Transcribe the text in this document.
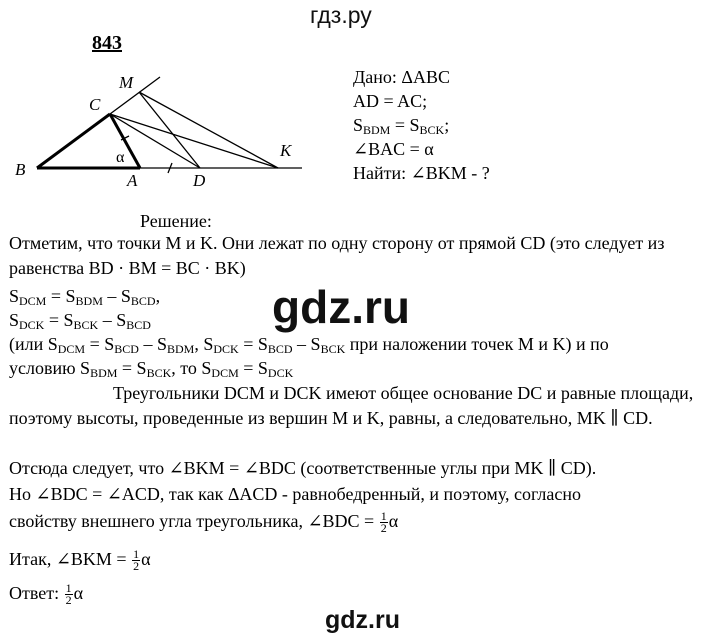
гдз.ру
843
M
C
B
A	D
K
α
Дано: ΔABC
AD = AC;
$S_{BDM} = S_{BCK}$;
∠BAC = α
Найти: ∠BKM - ?
Решение:
Отметим, что точки M и K. Они лежат по одну сторону от прямой CD (это следует из равенства BD · BM = BC · BK)
$S_{DCM} = S_{BDM} - S_{BCD}$,
$S_{DCK} = S_{BCK} - S_{BCD}$
(или $S_{DCM} = S_{BCD} - S_{BDM}$, $S_{DCK} = S_{BCD} - S_{BCK}$ при наложении точек M и K) и по
условию $S_{BDM} = S_{BCK}$, то $S_{DCM} = S_{DCK}$
Треугольники DCM и DCK имеют общее основание DC и равные площади, поэтому высоты, проведенные из вершин M и K, равны, а следовательно, MK ∥ CD.
Отсюда следует, что ∠BKM = ∠BDC (соответственные углы при MK ∥ CD).
Но ∠BDC = ∠ACD, так как ΔACD - равнобедренный, и поэтому, согласно
свойству внешнего угла треугольника, ∠BDC = $\frac{1}{2}$ α
Итак, ∠BKM = $\frac{1}{2}$ α
Ответ: $\frac{1}{2}$ α
gdz.ru
gdz.ru
